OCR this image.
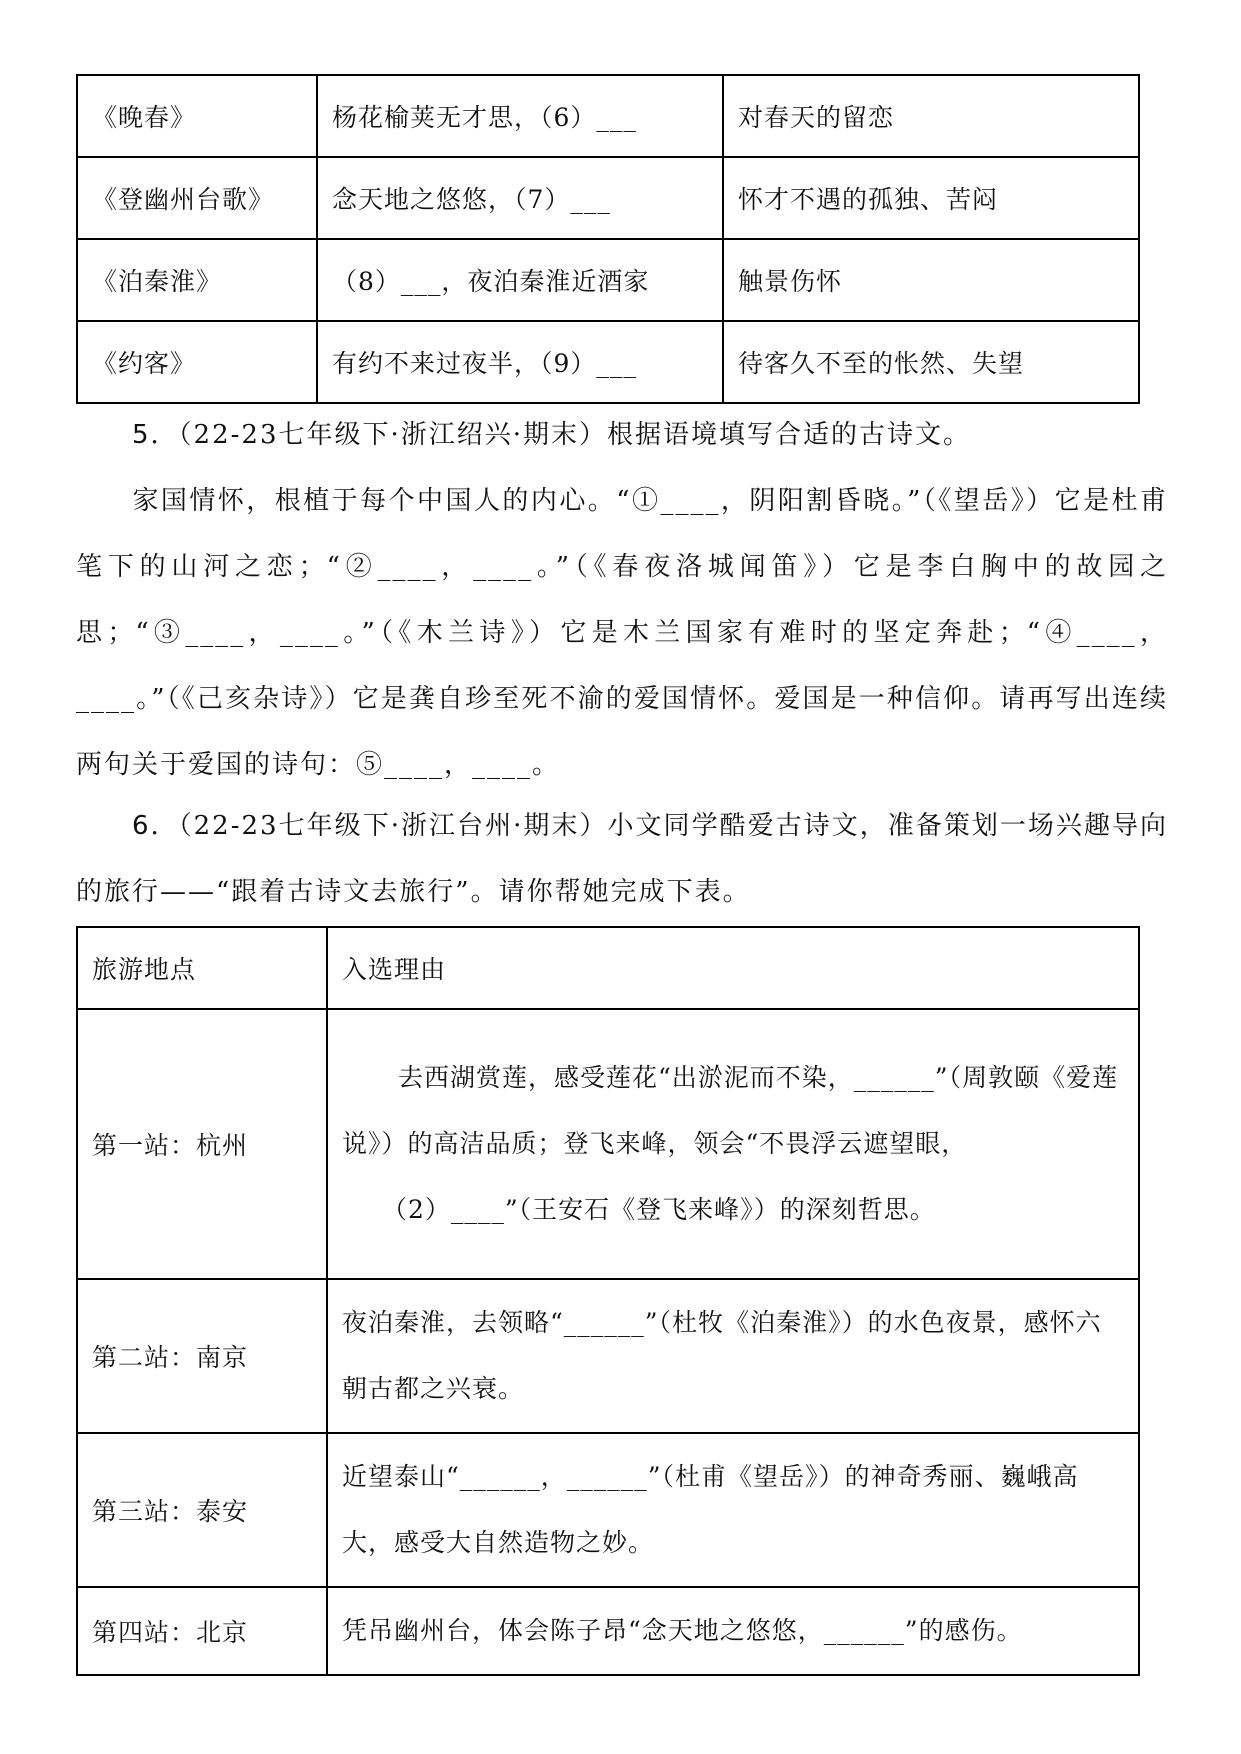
《晚春》	杨花榆荚无才思，（6）___	对春天的留恋
《登幽州台歌》	念天地之悠悠，（7）___	怀才不遇的孤独、苦闷
《泊秦淮》	（8）___，夜泊秦淮近酒家	触景伤怀
《约客》	有约不来过夜半，（9）___	待客久不至的怅然、失望

5．（22-23七年级下·浙江绍兴·期末）根据语境填写合适的古诗文。

家国情怀，根植于每个中国人的内心。“①____，阴阳割昏晓。”（《望岳》）它是杜甫笔下的山河之恋；“②____，____。”（《春夜洛城闻笛》）它是李白胸中的故园之思；“③____，____。”（《木兰诗》）它是木兰国家有难时的坚定奔赴；“④____，____。”（《己亥杂诗》）它是龚自珍至死不渝的爱国情怀。爱国是一种信仰。请再写出连续两句关于爱国的诗句：⑤____，____。

6．（22-23七年级下·浙江台州·期末）小文同学酷爱古诗文，准备策划一场兴趣导向的旅行——“跟着古诗文去旅行”。请你帮她完成下表。

旅游地点	入选理由
第一站：杭州	去西湖赏莲，感受莲花“出淤泥而不染，______”（周敦颐《爱莲说》）的高洁品质；登飞来峰，领会“不畏浮云遮望眼，
（2）____”（王安石《登飞来峰》）的深刻哲思。
第二站：南京	夜泊秦淮，去领略“______”（杜牧《泊秦淮》）的水色夜景，感怀六朝古都之兴衰。
第三站：泰安	近望泰山“______，______”（杜甫《望岳》）的神奇秀丽、巍峨高大，感受大自然造物之妙。
第四站：北京	凭吊幽州台，体会陈子昂“念天地之悠悠，______”的感伤。
